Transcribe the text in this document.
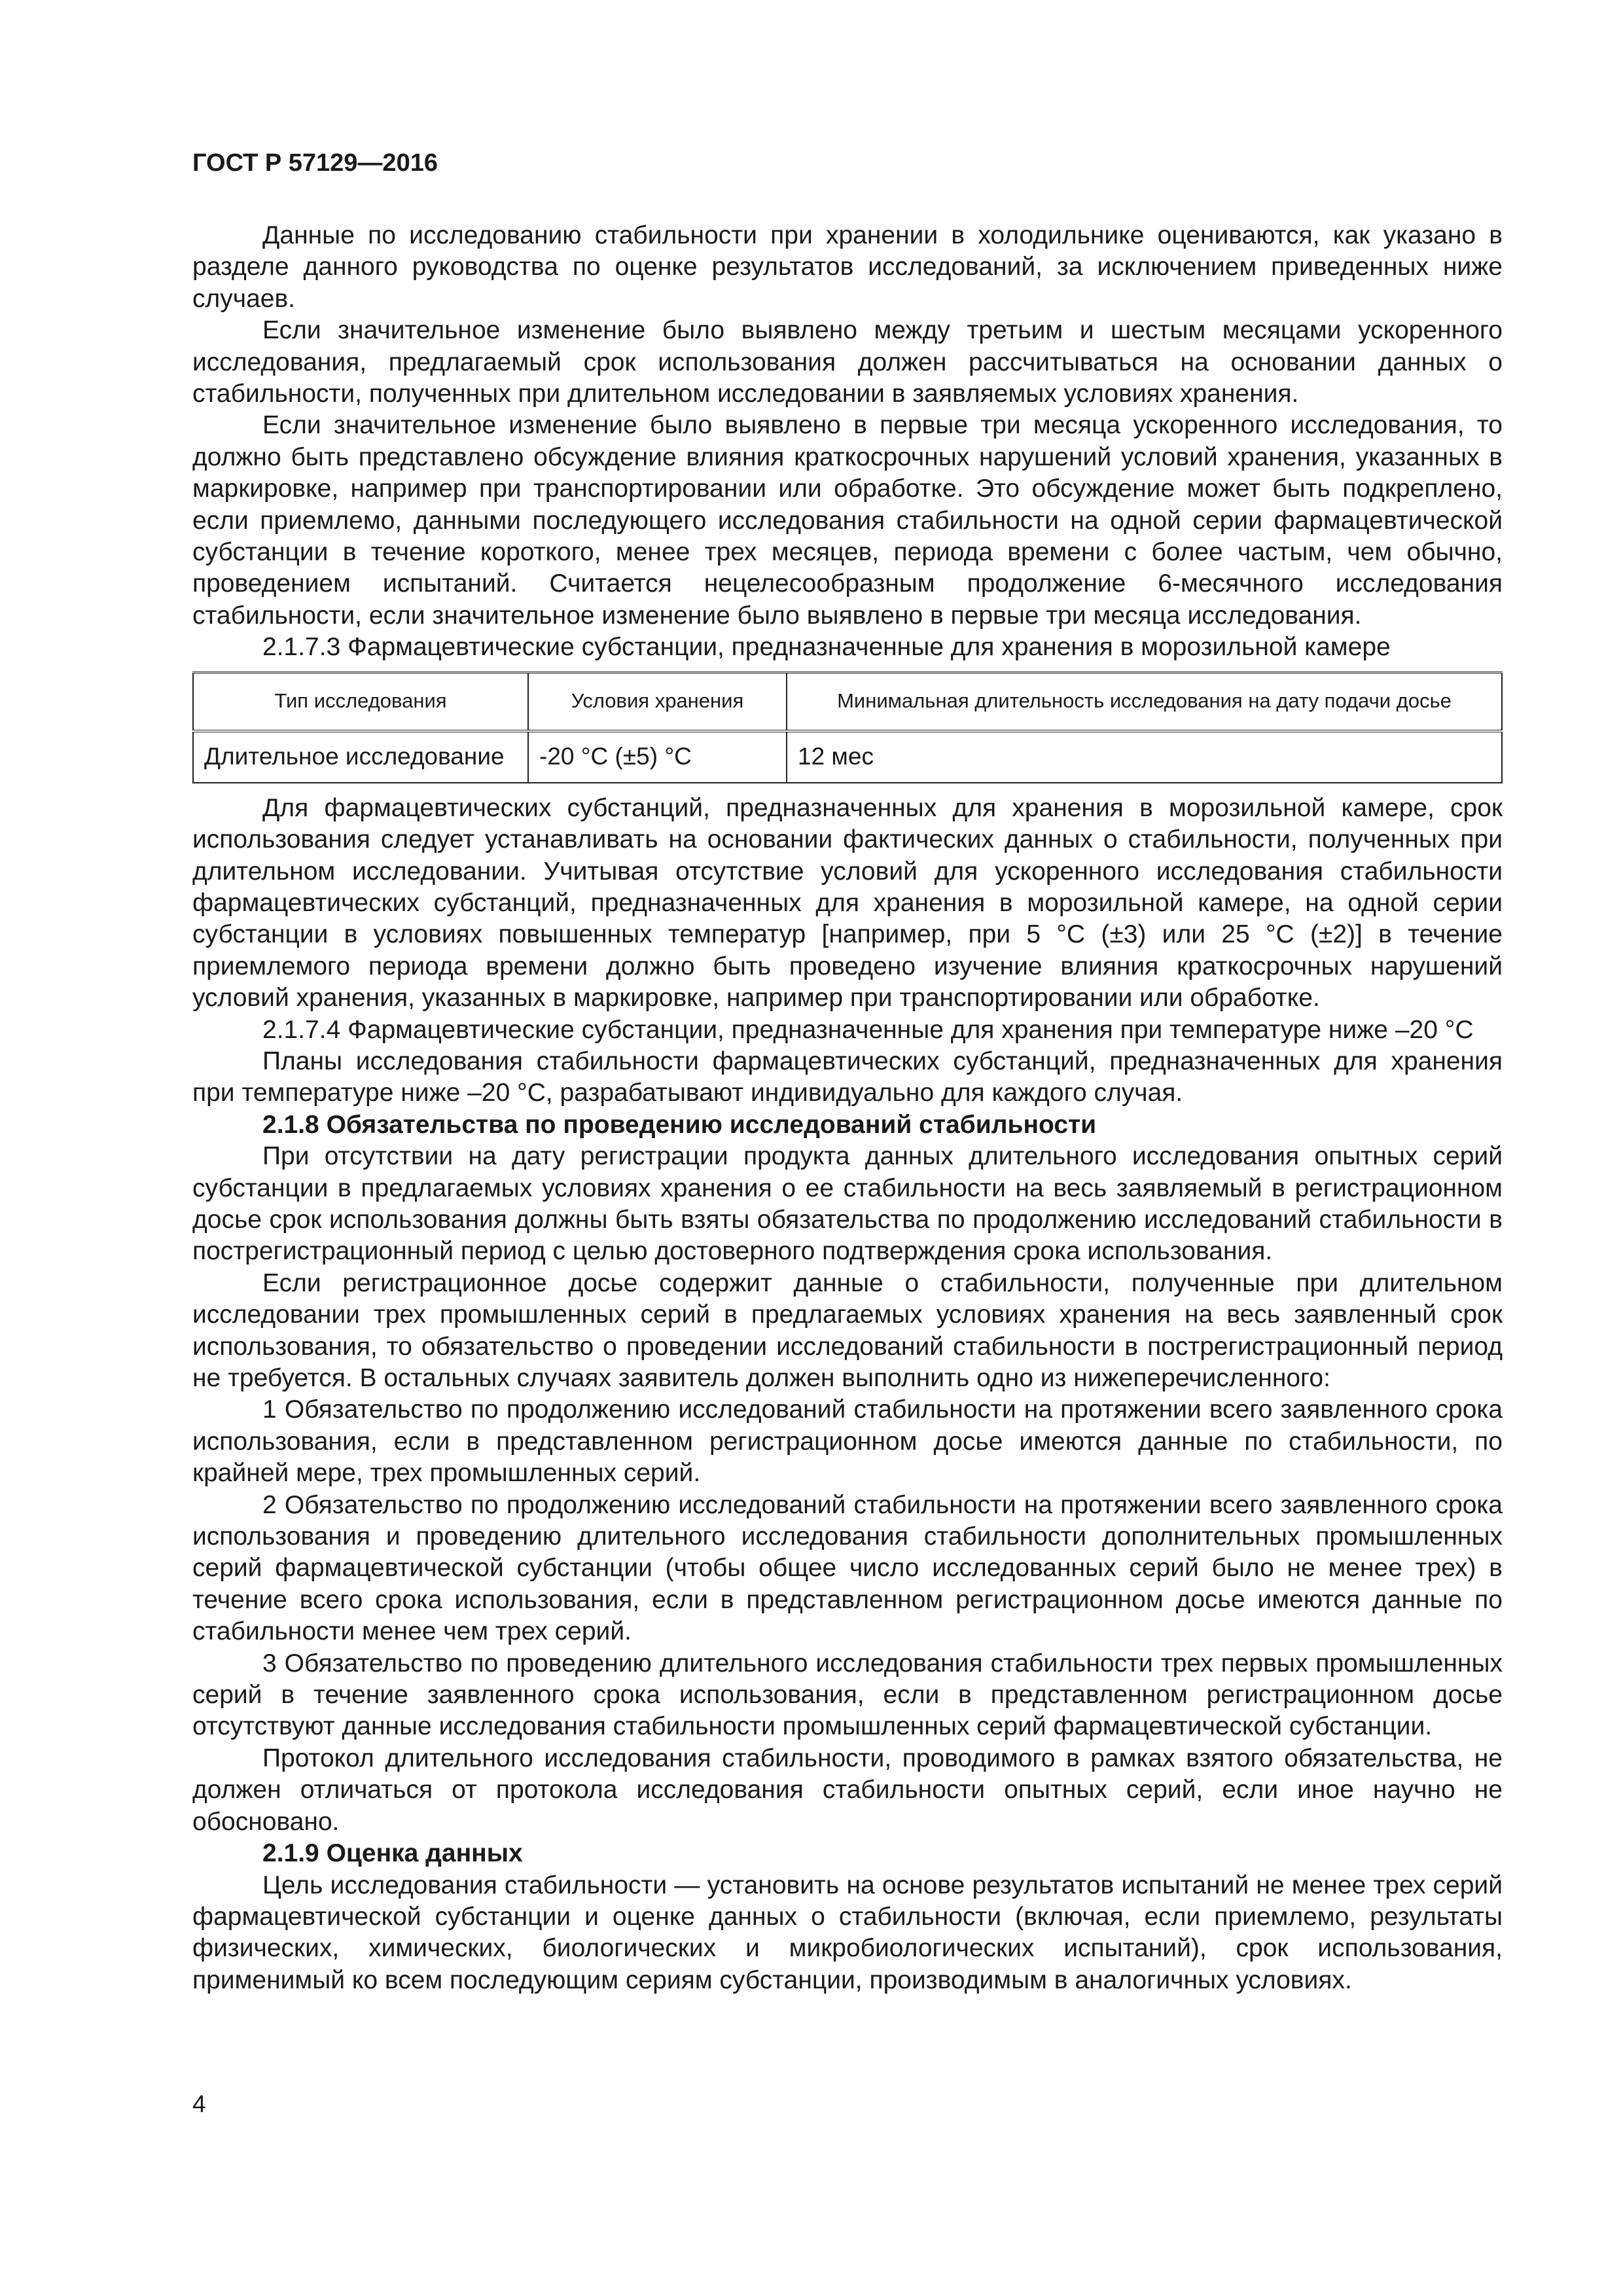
ГОСТ Р 57129—2016

Данные по исследованию стабильности при хранении в холодильнике оцениваются, как указано в разделе данного руководства по оценке результатов исследований, за исключением приведенных ниже случаев.

Если значительное изменение было выявлено между третьим и шестым месяцами ускоренного исследования, предлагаемый срок использования должен рассчитываться на основании данных о стабильности, полученных при длительном исследовании в заявляемых условиях хранения.

Если значительное изменение было выявлено в первые три месяца ускоренного исследования, то должно быть представлено обсуждение влияния краткосрочных нарушений условий хранения, указанных в маркировке, например при транспортировании или обработке. Это обсуждение может быть подкреплено, если приемлемо, данными последующего исследования стабильности на одной серии фармацевтической субстанции в течение короткого, менее трех месяцев, периода времени с более частым, чем обычно, проведением испытаний. Считается нецелесообразным продолжение 6-месячного исследования стабильности, если значительное изменение было выявлено в первые три месяца исследования.

2.1.7.3 Фармацевтические субстанции, предназначенные для хранения в морозильной камере

Тип исследования	Условия хранения	Минимальная длительность исследования на дату подачи досье
Длительное исследование	-20 °С (±5) °С	12 мес

Для фармацевтических субстанций, предназначенных для хранения в морозильной камере, срок использования следует устанавливать на основании фактических данных о стабильности, полученных при длительном исследовании. Учитывая отсутствие условий для ускоренного исследования стабильности фармацевтических субстанций, предназначенных для хранения в морозильной камере, на одной серии субстанции в условиях повышенных температур [например, при 5 °С (±3) или 25 °С (±2)] в течение приемлемого периода времени должно быть проведено изучение влияния краткосрочных нарушений условий хранения, указанных в маркировке, например при транспортировании или обработке.

2.1.7.4 Фармацевтические субстанции, предназначенные для хранения при температуре ниже –20 °С

Планы исследования стабильности фармацевтических субстанций, предназначенных для хранения при температуре ниже –20 °С, разрабатывают индивидуально для каждого случая.

2.1.8 Обязательства по проведению исследований стабильности

При отсутствии на дату регистрации продукта данных длительного исследования опытных серий субстанции в предлагаемых условиях хранения о ее стабильности на весь заявляемый в регистрационном досье срок использования должны быть взяты обязательства по продолжению исследований стабильности в пострегистрационный период с целью достоверного подтверждения срока использования.

Если регистрационное досье содержит данные о стабильности, полученные при длительном исследовании трех промышленных серий в предлагаемых условиях хранения на весь заявленный срок использования, то обязательство о проведении исследований стабильности в пострегистрационный период не требуется. В остальных случаях заявитель должен выполнить одно из нижеперечисленного:

1 Обязательство по продолжению исследований стабильности на протяжении всего заявленного срока использования, если в представленном регистрационном досье имеются данные по стабильности, по крайней мере, трех промышленных серий.

2 Обязательство по продолжению исследований стабильности на протяжении всего заявленного срока использования и проведению длительного исследования стабильности дополнительных промышленных серий фармацевтической субстанции (чтобы общее число исследованных серий было не менее трех) в течение всего срока использования, если в представленном регистрационном досье имеются данные по стабильности менее чем трех серий.

3 Обязательство по проведению длительного исследования стабильности трех первых промышленных серий в течение заявленного срока использования, если в представленном регистрационном досье отсутствуют данные исследования стабильности промышленных серий фармацевтической субстанции.

Протокол длительного исследования стабильности, проводимого в рамках взятого обязательства, не должен отличаться от протокола исследования стабильности опытных серий, если иное научно не обосновано.

2.1.9 Оценка данных

Цель исследования стабильности — установить на основе результатов испытаний не менее трех серий фармацевтической субстанции и оценке данных о стабильности (включая, если приемлемо, результаты физических, химических, биологических и микробиологических испытаний), срок использования, применимый ко всем последующим сериям субстанции, производимым в аналогичных условиях.

4
